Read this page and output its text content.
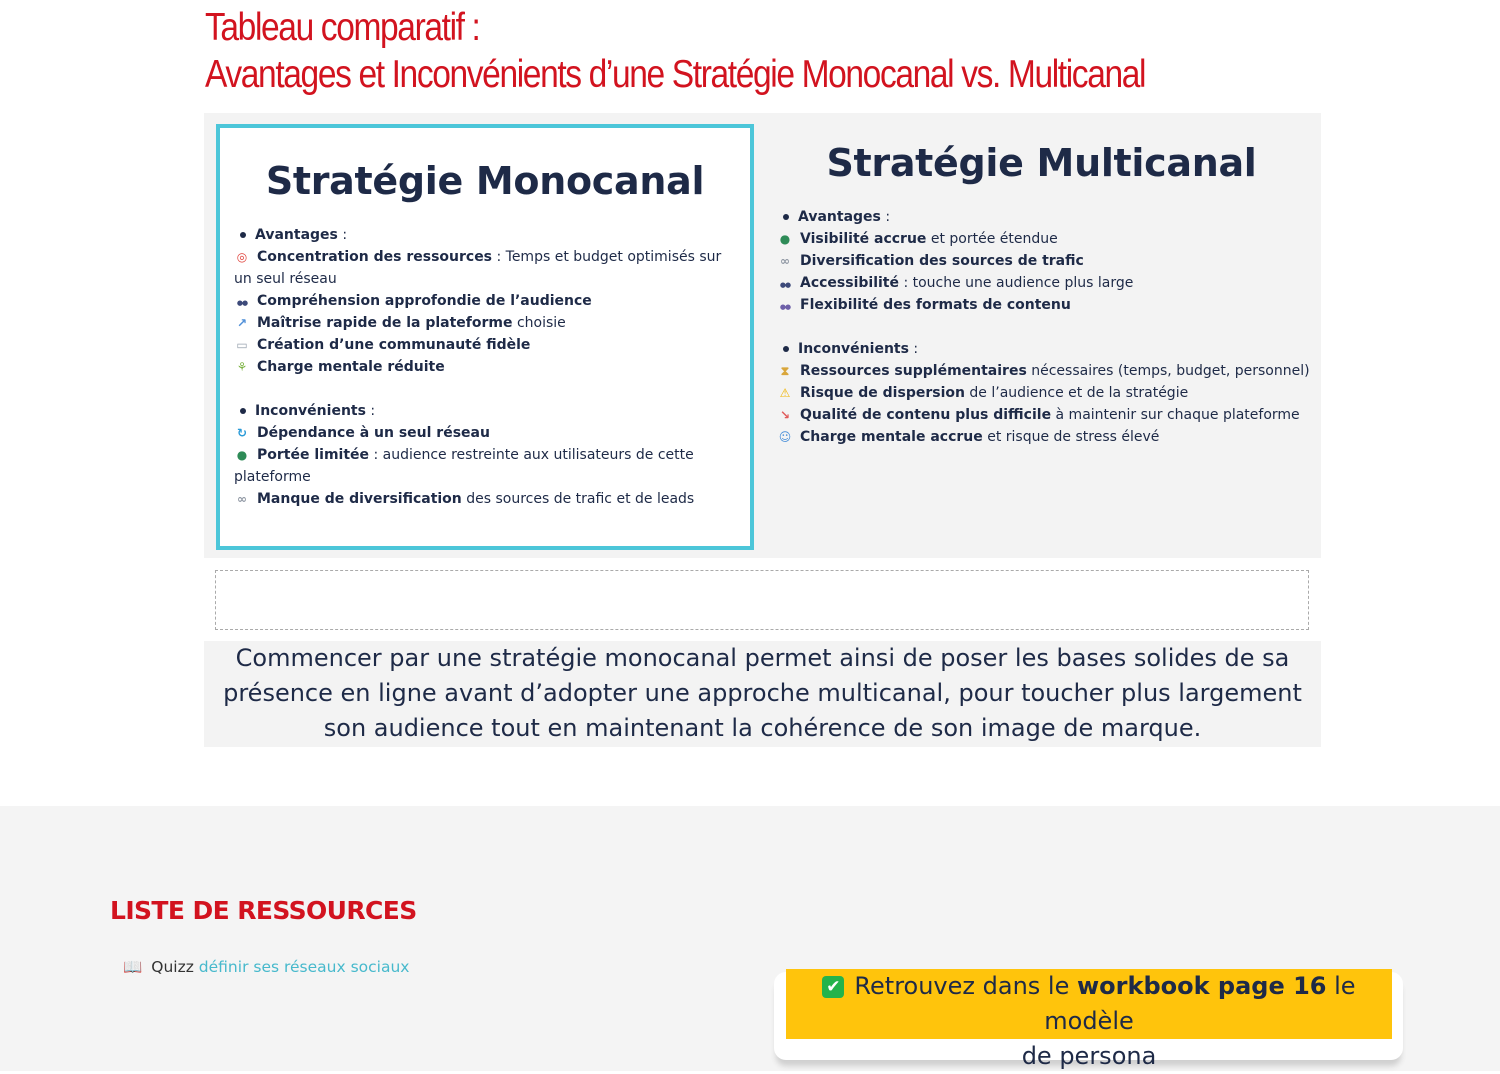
Tableau comparatif :
Avantages et Inconvénients d’une Stratégie Monocanal vs. Multicanal
Stratégie Monocanal
Avantages :
◎ Concentration des ressources : Temps et budget optimisés sur un seul réseau
●● Compréhension approfondie de l’audience
↗ Maîtrise rapide de la plateforme choisie
▭ Création d’une communauté fidèle
⚘ Charge mentale réduite
Inconvénients :
↻ Dépendance à un seul réseau
● Portée limitée : audience restreinte aux utilisateurs de cette plateforme
∞ Manque de diversification des sources de trafic et de leads
Stratégie Multicanal
Avantages :
● Visibilité accrue et portée étendue
∞ Diversification des sources de trafic
●● Accessibilité : touche une audience plus large
●● Flexibilité des formats de contenu
Inconvénients :
⧗ Ressources supplémentaires nécessaires (temps, budget, personnel)
⚠ Risque de dispersion de l’audience et de la stratégie
↘ Qualité de contenu plus difficile à maintenir sur chaque plateforme
☺ Charge mentale accrue et risque de stress élevé

Commencer par une stratégie monocanal permet ainsi de poser les bases solides de sa
présence en ligne avant d’adopter une approche multicanal, pour toucher plus largement
son audience tout en maintenant la cohérence de son image de marque.

LISTE DE RESSOURCES
📖 Quizz définir ses réseaux sociaux
✔ Retrouvez dans le workbook page 16 le modèle
de persona
